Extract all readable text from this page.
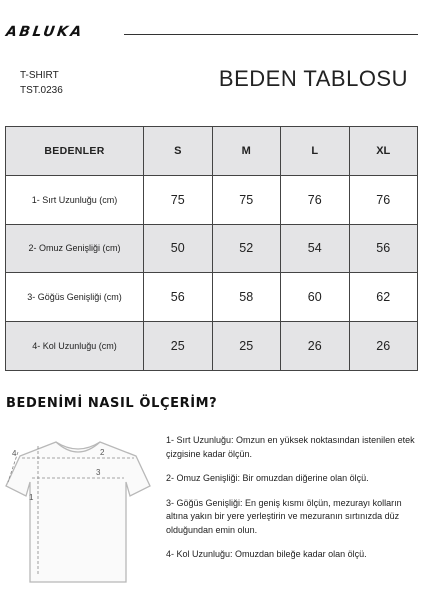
ABLUKA
T-SHIRT
TST.0236	BEDEN TABLOSU
BEDENLER	S	M	L	XL
1- Sırt Uzunluğu (cm)	75	75	76	76
2- Omuz Genişliği (cm)	50	52	54	56
3- Göğüs Genişliği (cm)	56	58	60	62
4- Kol Uzunluğu (cm)	25	25	26	26
BEDENİMİ NASIL ÖLÇERİM?
1
2
3
4

1- Sırt Uzunluğu: Omzun en yüksek noktasından istenilen etek çizgisine kadar ölçün.

2- Omuz Genişliği: Bir omuzdan diğerine olan ölçü.

3- Göğüs Genişliği: En geniş kısmı ölçün, mezurayı kolların altına yakın bir yere yerleştirin ve mezuranın sırtınızda düz olduğundan emin olun.

4- Kol Uzunluğu: Omuzdan bileğe kadar olan ölçü.
